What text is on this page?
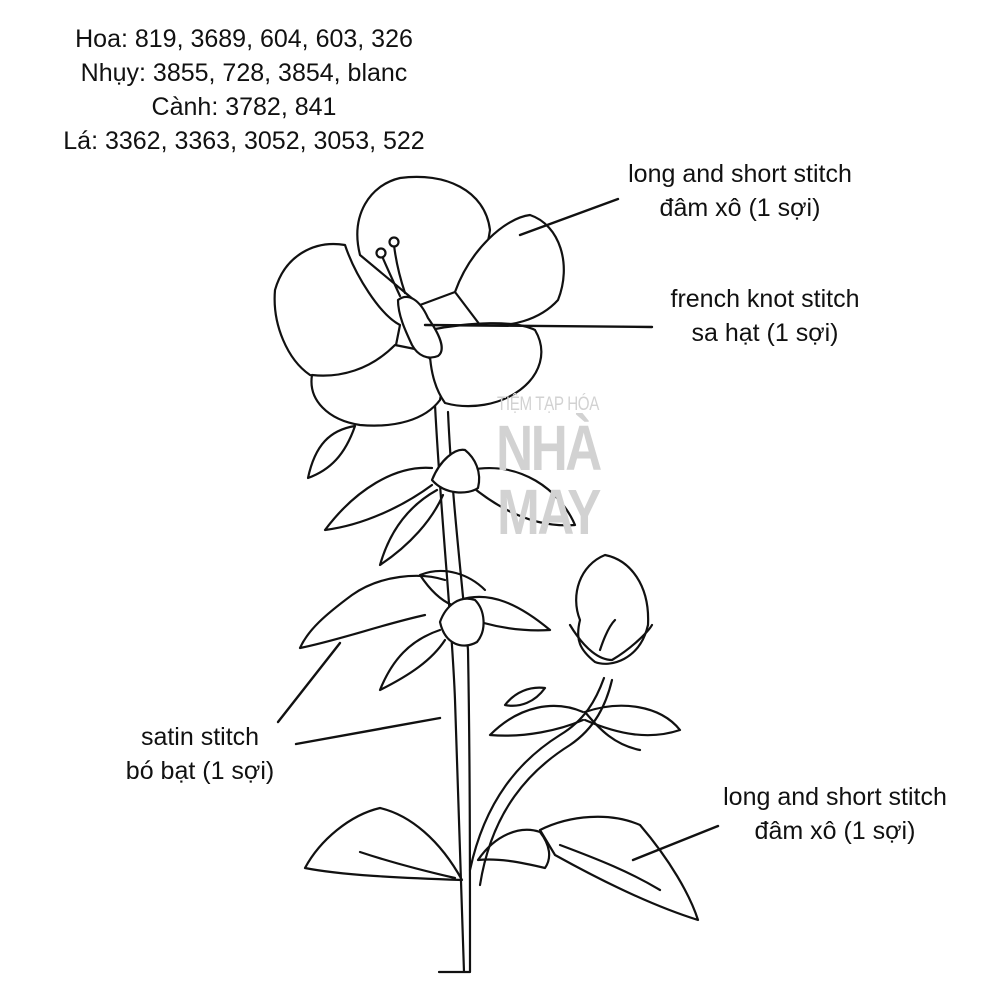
Hoa: 819, 3689, 604, 603, 326
Nhụy: 3855, 728, 3854, blanc
Cành: 3782, 841
Lá: 3362, 3363, 3052, 3053, 522
long and short stitch
đâm xô (1 sợi)
french knot stitch
sa hạt (1 sợi)
satin stitch
bó bạt (1 sợi)
long and short stitch
đâm xô (1 sợi)
TIỆM TẠP HÓA
NHÀ
MAY
